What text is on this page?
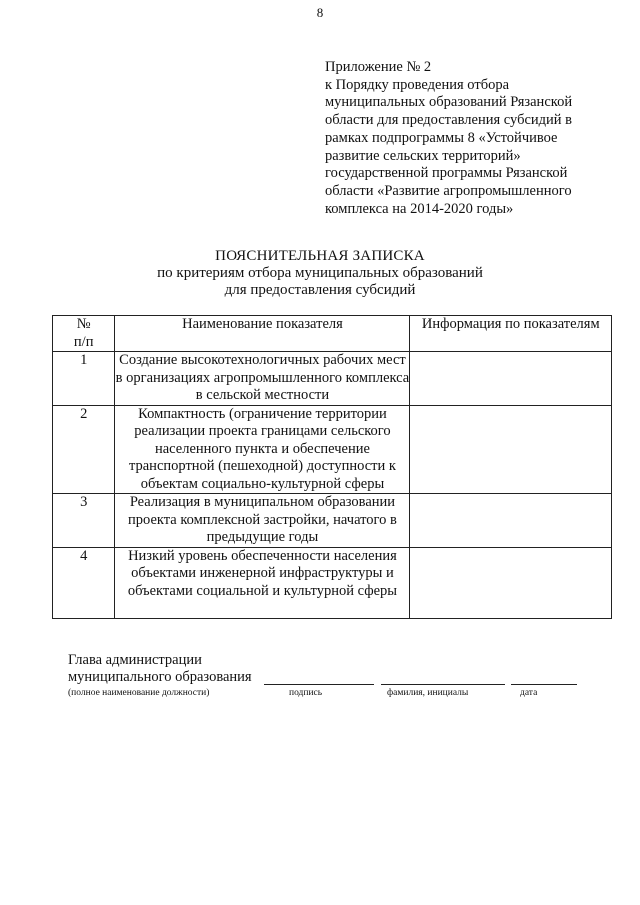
8
Приложение № 2
к Порядку проведения отбора
муниципальных образований Рязанской
области для предоставления субсидий в
рамках подпрограммы 8 «Устойчивое
развитие сельских территорий»
государственной программы Рязанской
области «Развитие агропромышленного
комплекса на 2014-2020 годы»
ПОЯСНИТЕЛЬНАЯ ЗАПИСКА
по критериям отбора муниципальных образований
для предоставления субсидий
№
п/п	Наименование показателя	Информация по показателям
1	Создание высокотехнологичных рабочих мест в организациях агропромышленного комплекса в сельской местности	
2	Компактность (ограничение территории реализации проекта границами сельского населенного пункта и обеспечение транспортной (пешеходной) доступности к объектам социально-культурной сферы	
3	Реализация в муниципальном образовании проекта комплексной застройки, начатого в предыдущие годы	
4	Низкий уровень обеспеченности населения объектами инженерной инфраструктуры и объектами социальной и культурной сферы	
Глава администрации
муниципального образования
(полное наименование должности)	подпись	фамилия, инициалы	дата
